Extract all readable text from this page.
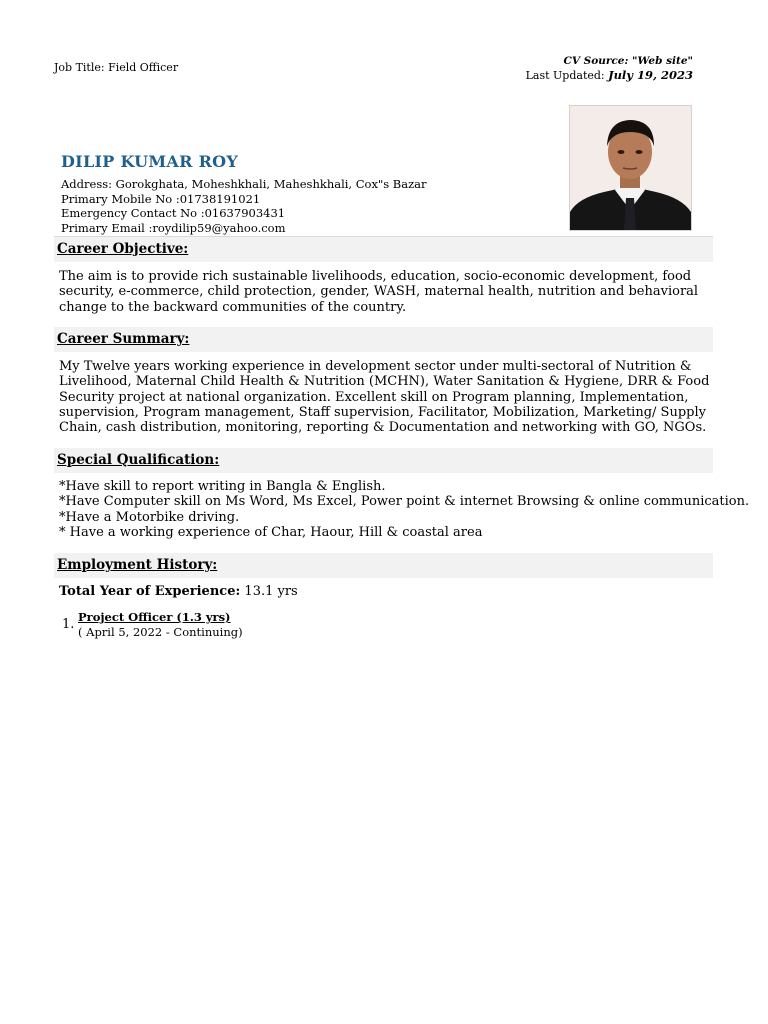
Job Title: Field Officer	CV Source: "Web site"
Last Updated: July 19, 2023
DILIP KUMAR ROY
Address: Gorokghata, Moheshkhali, Maheshkhali, Cox"s Bazar
Primary Mobile No :01738191021
Emergency Contact No :01637903431
Primary Email :roydilip59@yahoo.com
Career Objective:

The aim is to provide rich sustainable livelihoods, education, socio-economic development, food security, e-commerce, child protection, gender, WASH, maternal health, nutrition and behavioral change to the backward communities of the country.

Career Summary:

My Twelve years working experience in development sector under multi-sectoral of Nutrition & Livelihood, Maternal Child Health & Nutrition (MCHN), Water Sanitation & Hygiene, DRR & Food Security project at national organization. Excellent skill on Program planning, Implementation, supervision, Program management, Staff supervision, Facilitator, Mobilization, Marketing/ Supply Chain, cash distribution, monitoring, reporting & Documentation and networking with GO, NGOs.

Special Qualification:
*Have skill to report writing in Bangla & English.
*Have Computer skill on Ms Word, Ms Excel, Power point & internet Browsing & online communication.
*Have a Motorbike driving.
* Have a working experience of Char, Haour, Hill & coastal area
Employment History:
Total Year of Experience: 13.1 yrs
1. Project Officer (1.3 yrs)
( April 5, 2022 - Continuing)
